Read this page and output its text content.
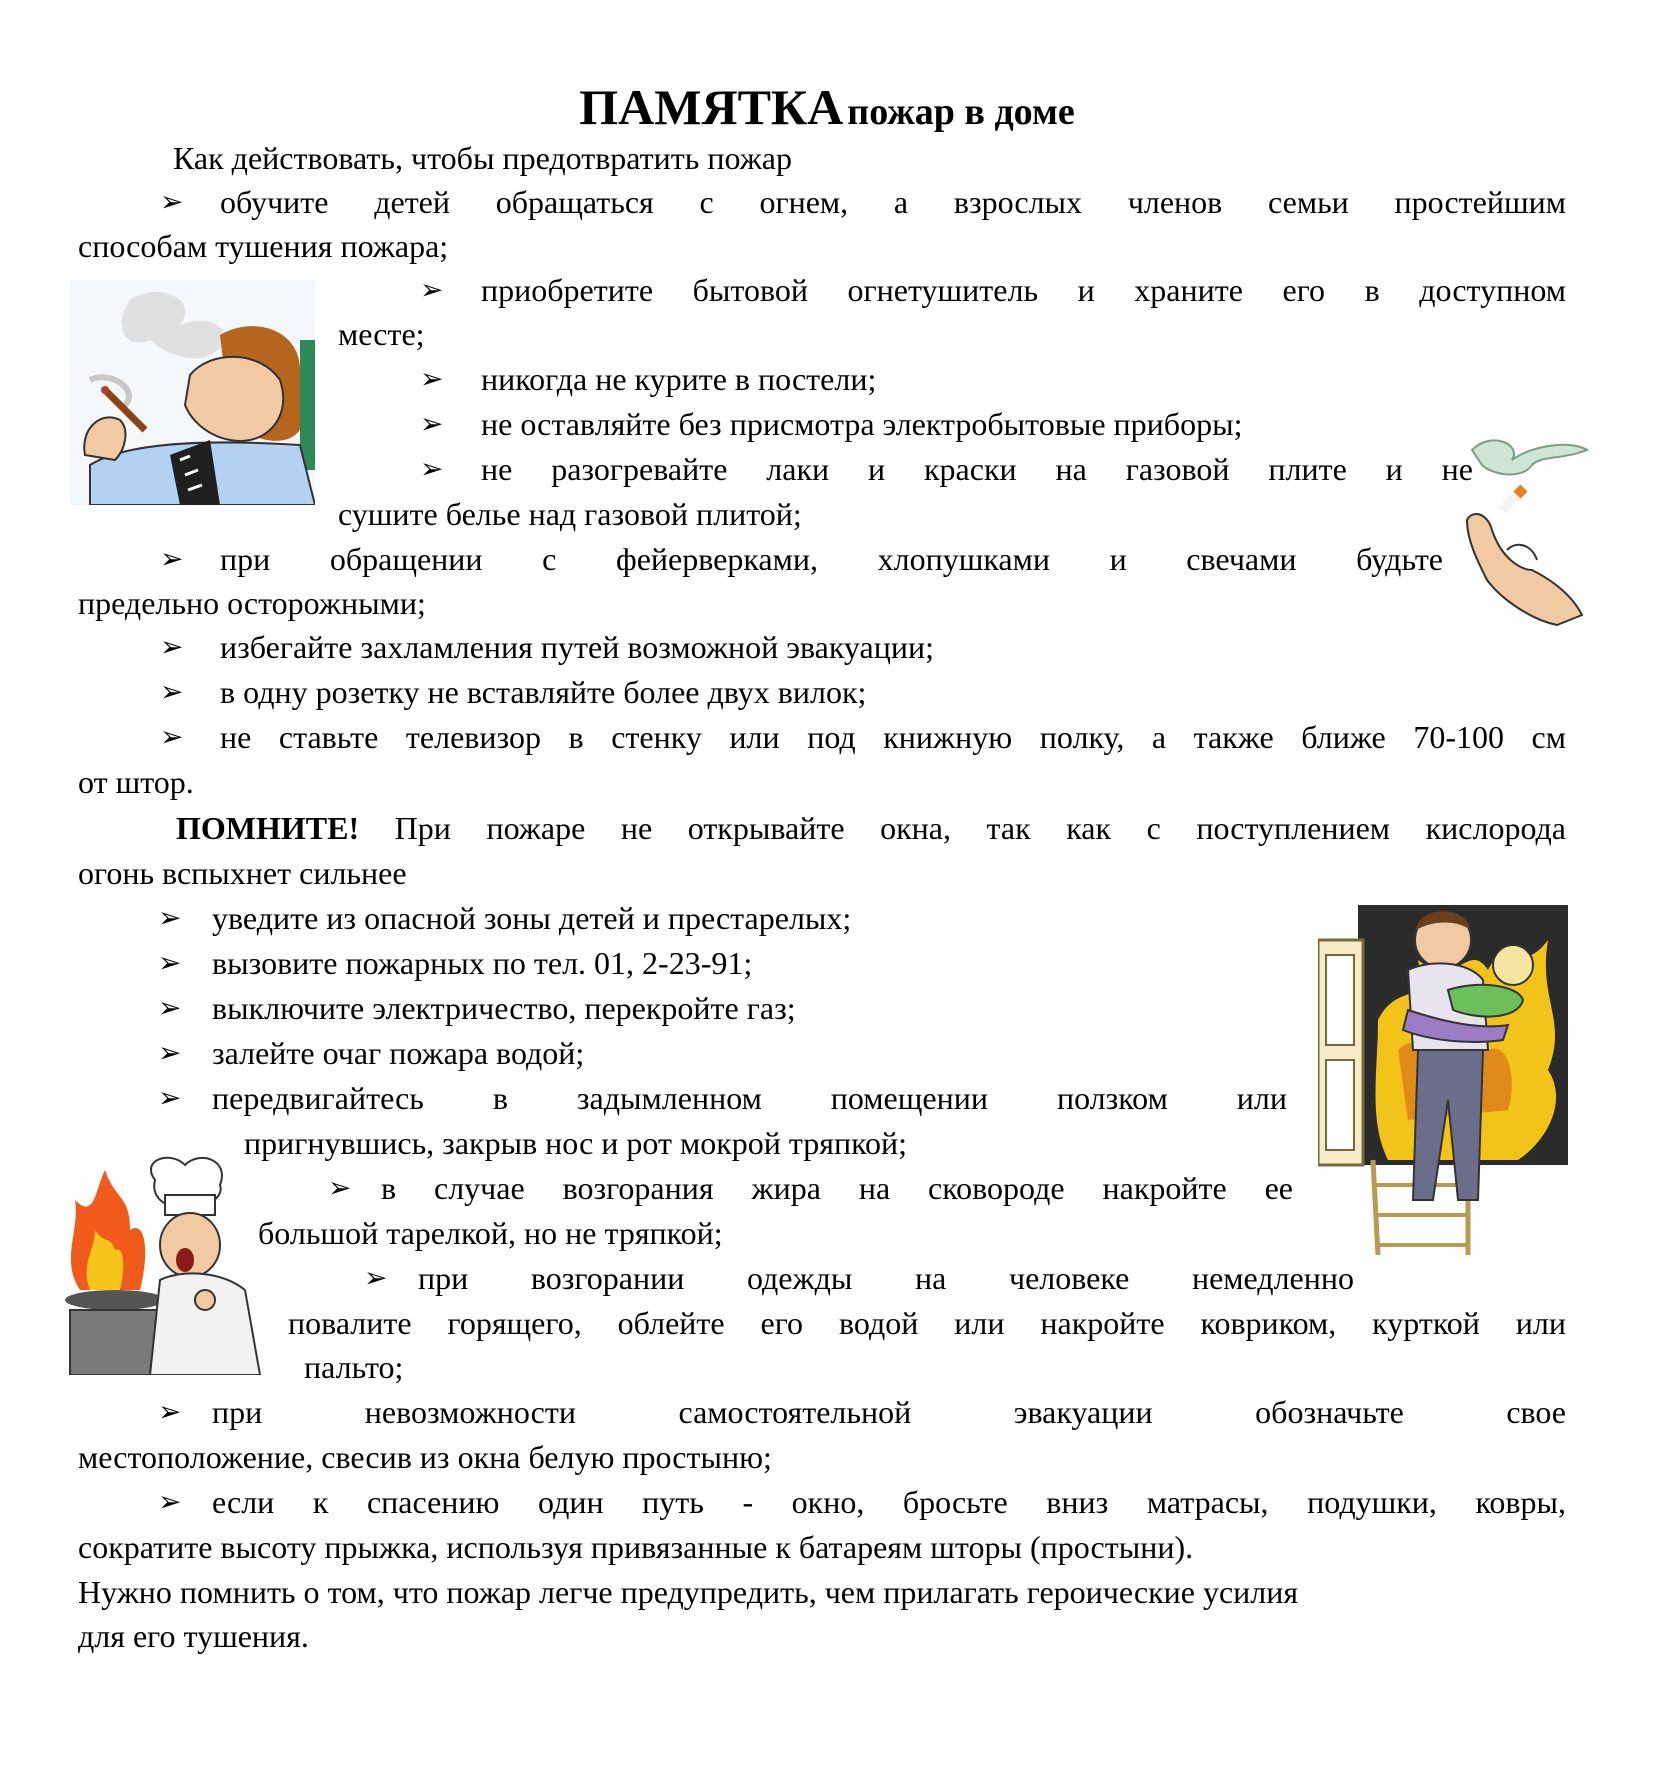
ПАМЯТКА пожар в доме
Как действовать, чтобы предотвратить пожар
➢ обучите детей обращаться с огнем, а взрослых членов семьи простейшим
способам тушения пожара;
➢ приобретите бытовой огнетушитель и храните его в доступном
месте;
➢ никогда не курите в постели;
➢ не оставляйте без присмотра электробытовые приборы;
➢ не разогревайте лаки и краски на газовой плите и не
сушите белье над газовой плитой;
➢ при обращении с фейерверками, хлопушками и свечами будьте
предельно осторожными;
➢ избегайте захламления путей возможной эвакуации;
➢ в одну розетку не вставляйте более двух вилок;
➢ не ставьте телевизор в стенку или под книжную полку, а также ближе 70-100 см
от штор.
ПОМНИТЕ! При пожаре не открывайте окна, так как с поступлением кислорода
огонь вспыхнет сильнее
➢ уведите из опасной зоны детей и престарелых;
➢ вызовите пожарных по тел. 01, 2-23-91;
➢ выключите электричество, перекройте газ;
➢ залейте очаг пожара водой;
➢ передвигайтесь в задымленном помещении ползком или
пригнувшись, закрыв нос и рот мокрой тряпкой;
➢ в случае возгорания жира на сковороде накройте ее
большой тарелкой, но не тряпкой;
➢ при возгорании одежды на человеке немедленно
повалите горящего, облейте его водой или накройте ковриком, курткой или
пальто;
➢ при невозможности самостоятельной эвакуации обозначьте свое
местоположение, свесив из окна белую простыню;
➢ если к спасению один путь - окно, бросьте вниз матрасы, подушки, ковры,
сократите высоту прыжка, используя привязанные к батареям шторы (простыни).
Нужно помнить о том, что пожар легче предупредить, чем прилагать героические усилия
для его тушения.
